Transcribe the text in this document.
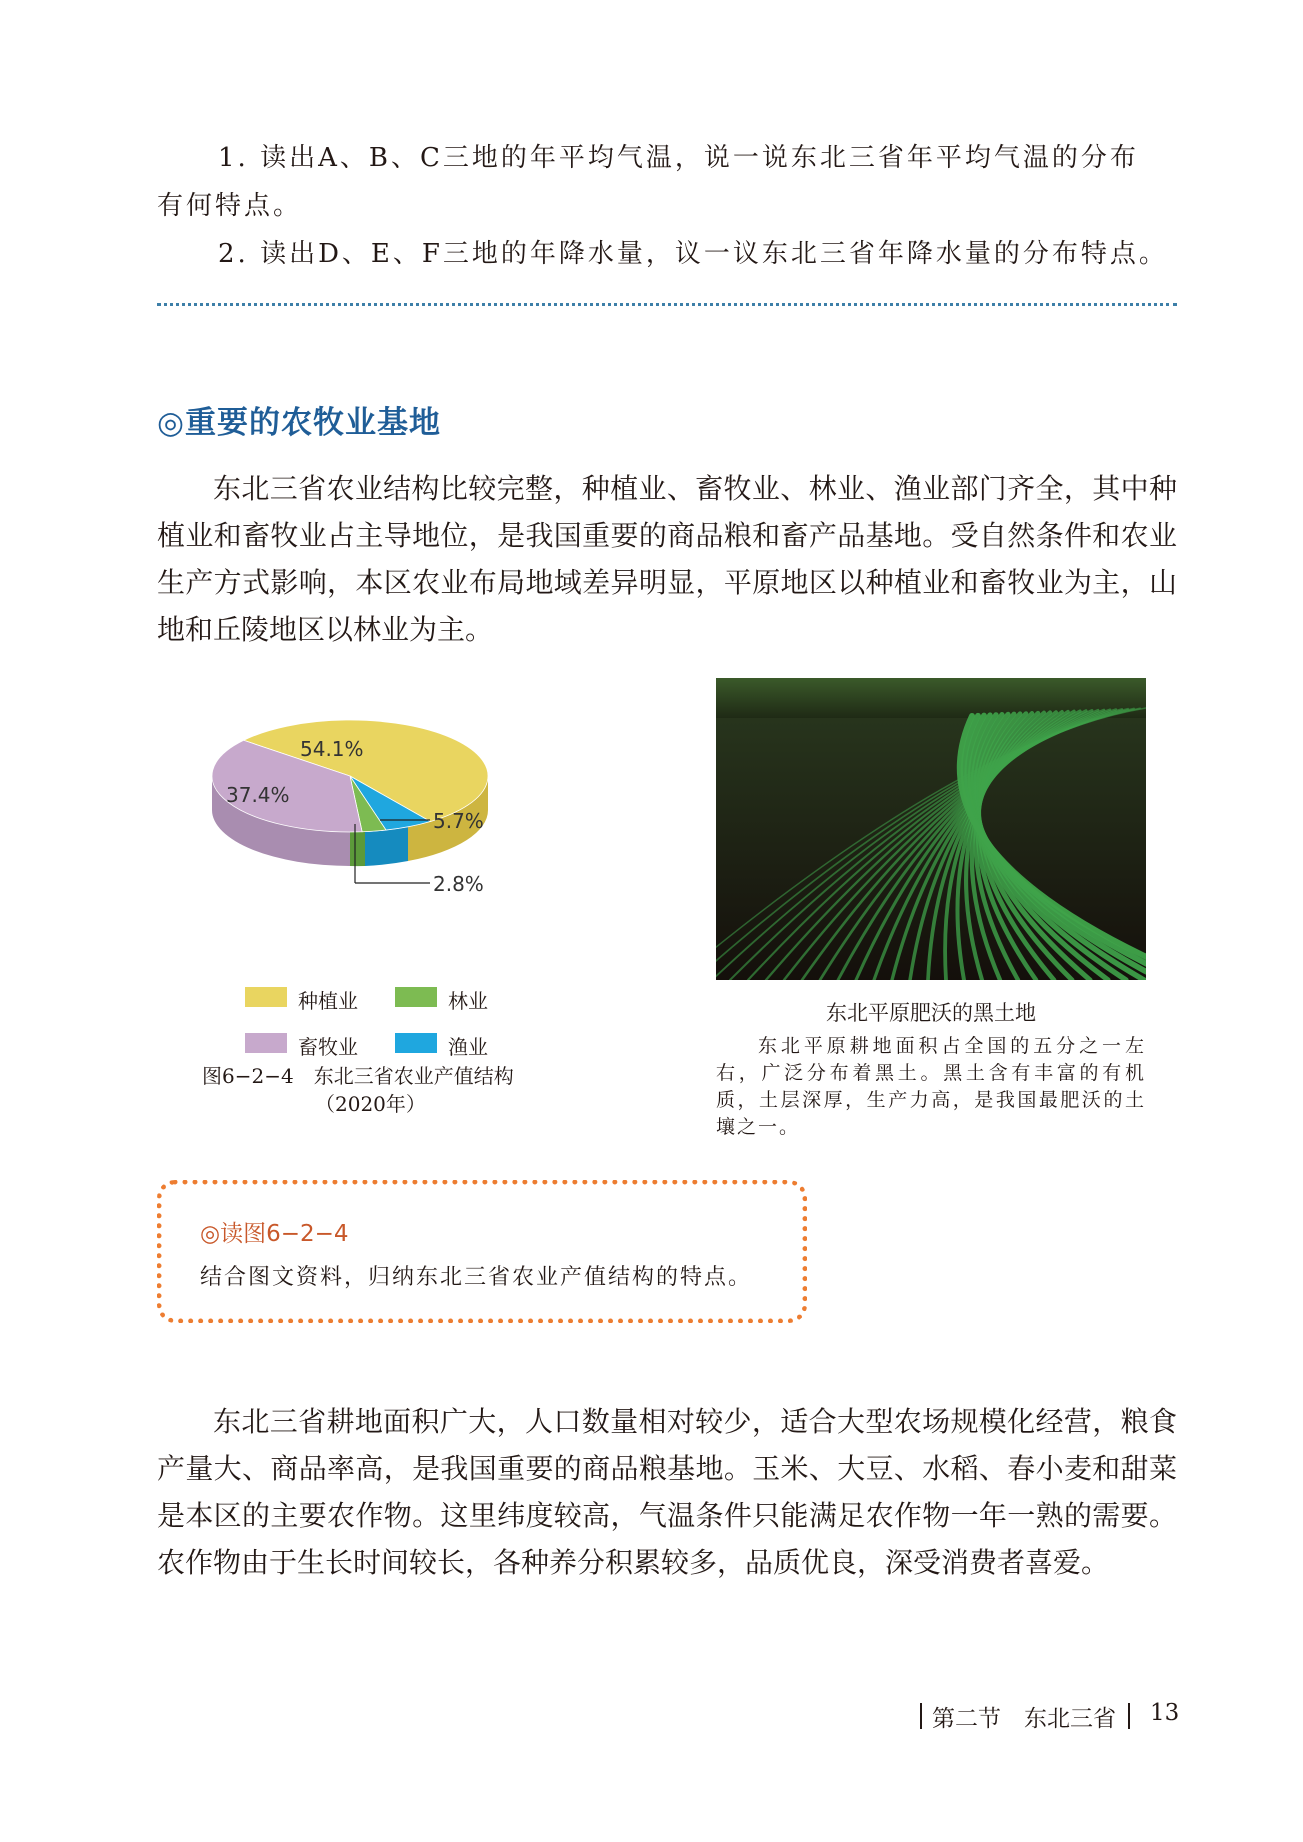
1. 读出A、B、C三地的年平均气温，说一说东北三省年平均气温的分布
有何特点。
2. 读出D、E、F三地的年降水量，议一议东北三省年降水量的分布特点。
◎重要的农牧业基地
东北三省农业结构比较完整，种植业、畜牧业、林业、渔业部门齐全，其中种植业和畜牧业占主导地位，是我国重要的商品粮和畜产品基地。受自然条件和农业生产方式影响，本区农业布局地域差异明显，平原地区以种植业和畜牧业为主，山地和丘陵地区以林业为主。
54.1%
37.4%
5.7%
2.8%
种植业	林业
畜牧业	渔业
图6−2−4　东北三省农业产值结构
（2020年）
东北平原肥沃的黑土地
东北平原耕地面积占全国的五分之一左右，广泛分布着黑土。黑土含有丰富的有机质，土层深厚，生产力高，是我国最肥沃的土壤之一。
◎读图6−2−4
结合图文资料，归纳东北三省农业产值结构的特点。
东北三省耕地面积广大，人口数量相对较少，适合大型农场规模化经营，粮食产量大、商品率高，是我国重要的商品粮基地。玉米、大豆、水稻、春小麦和甜菜是本区的主要农作物。这里纬度较高，气温条件只能满足农作物一年一熟的需要。农作物由于生长时间较长，各种养分积累较多，品质优良，深受消费者喜爱。
第二节　东北三省 13
